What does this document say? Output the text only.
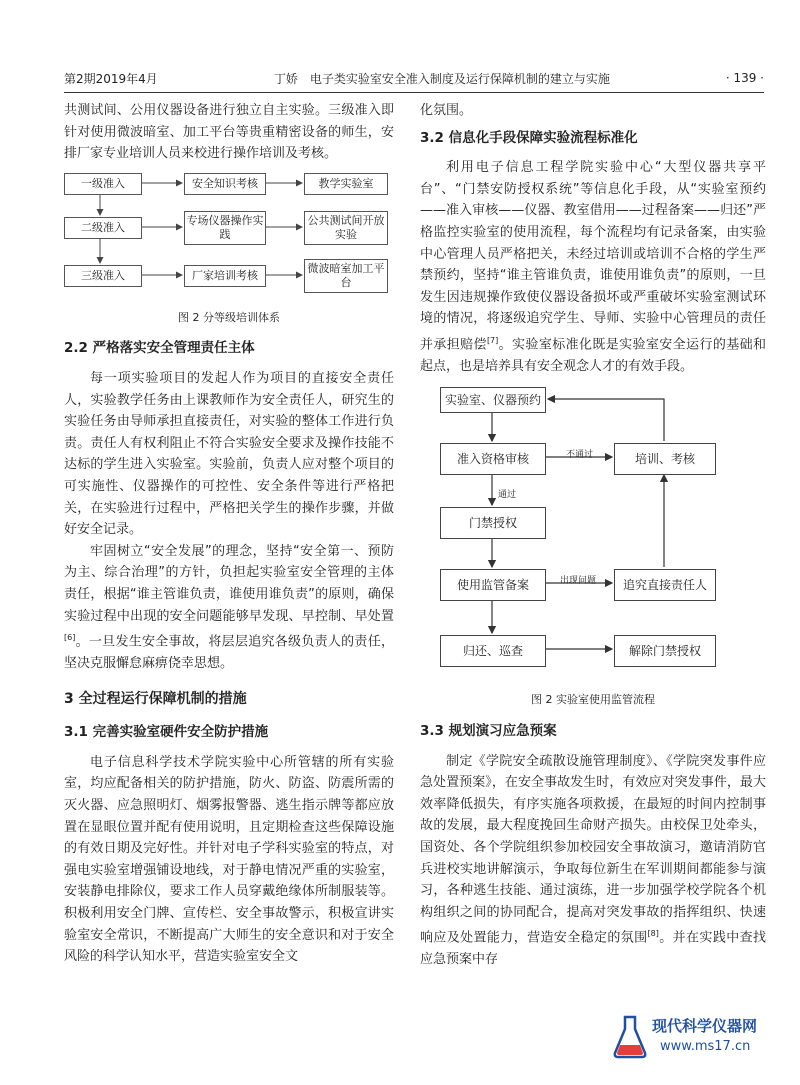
第2期2019年4月	丁娇　电子类实验室安全准入制度及运行保障机制的建立与实施	· 139 ·

共测试间、公用仪器设备进行独立自主实验。三级准入即针对使用微波暗室、加工平台等贵重精密设备的师生，安排厂家专业培训人员来校进行操作培训及考核。

一级准入	安全知识考核	教学实验室
二级准入
专场仪器操作实践
公共测试间开放实验
三级准入	厂家培训考核
微波暗室加工平台
图 2 分等级培训体系
2.2 严格落实安全管理责任主体

每一项实验项目的发起人作为项目的直接安全责任人，实验教学任务由上课教师作为安全责任人，研究生的实验任务由导师承担直接责任，对实验的整体工作进行负责。责任人有权利阻止不符合实验安全要求及操作技能不达标的学生进入实验室。实验前，负责人应对整个项目的可实施性、仪器操作的可控性、安全条件等进行严格把关，在实验进行过程中，严格把关学生的操作步骤，并做好安全记录。

牢固树立“安全发展”的理念，坚持“安全第一、预防为主、综合治理”的方针，负担起实验室安全管理的主体责任，根据“谁主管谁负责，谁使用谁负责”的原则，确保实验过程中出现的安全问题能够早发现、早控制、早处置[6]。一旦发生安全事故，将层层追究各级负责人的责任，坚决克服懈怠麻痹侥幸思想。

3 全过程运行保障机制的措施
3.1 完善实验室硬件安全防护措施

电子信息科学技术学院实验中心所管辖的所有实验室，均应配备相关的防护措施，防火、防盗、防震所需的灭火器、应急照明灯、烟雾报警器、逃生指示牌等都应放置在显眼位置并配有使用说明，且定期检查这些保障设施的有效日期及完好性。并针对电子学科实验室的特点，对强电实验室增强铺设地线，对于静电情况严重的实验室，安装静电排除仪，要求工作人员穿戴绝缘体所制服装等。积极利用安全门牌、宣传栏、安全事故警示，积极宣讲实验室安全常识，不断提高广大师生的安全意识和对于安全风险的科学认知水平，营造实验室安全文

化氛围。

3.2 信息化手段保障实验流程标准化

利用电子信息工程学院实验中心“大型仪器共享平台”、“门禁安防授权系统”等信息化手段，从“实验室预约——准入审核——仪器、教室借用——过程备案——归还”严格监控实验室的使用流程，每个流程均有记录备案，由实验中心管理人员严格把关，未经过培训或培训不合格的学生严禁预约，坚持“谁主管谁负责，谁使用谁负责”的原则，一旦发生因违规操作致使仪器设备损坏或严重破坏实验室测试环境的情况，将逐级追究学生、导师、实验中心管理员的责任并承担赔偿[7]。实验室标准化既是实验室安全运行的基础和起点，也是培养具有安全观念人才的有效手段。

实验室、仪器预约
准入资格审核	培训、考核
门禁授权
使用监管备案	追究直接责任人
归还、巡查	解除门禁授权
不通过
通过
出现问题
图 2 实验室使用监管流程
3.3 规划演习应急预案

制定《学院安全疏散设施管理制度》、《学院突发事件应急处置预案》，在安全事故发生时，有效应对突发事件，最大效率降低损失，有序实施各项救援，在最短的时间内控制事故的发展，最大程度挽回生命财产损失。由校保卫处牵头，国资处、各个学院组织参加校园安全事故演习，邀请消防官兵进校实地讲解演示，争取每位新生在军训期间都能参与演习，各种逃生技能、通过演练，进一步加强学校学院各个机构组织之间的协同配合，提高对突发事故的指挥组织、快速响应及处置能力，营造安全稳定的氛围[8]。并在实践中查找应急预案中存

现代科学仪器网
www.ms17.cn
